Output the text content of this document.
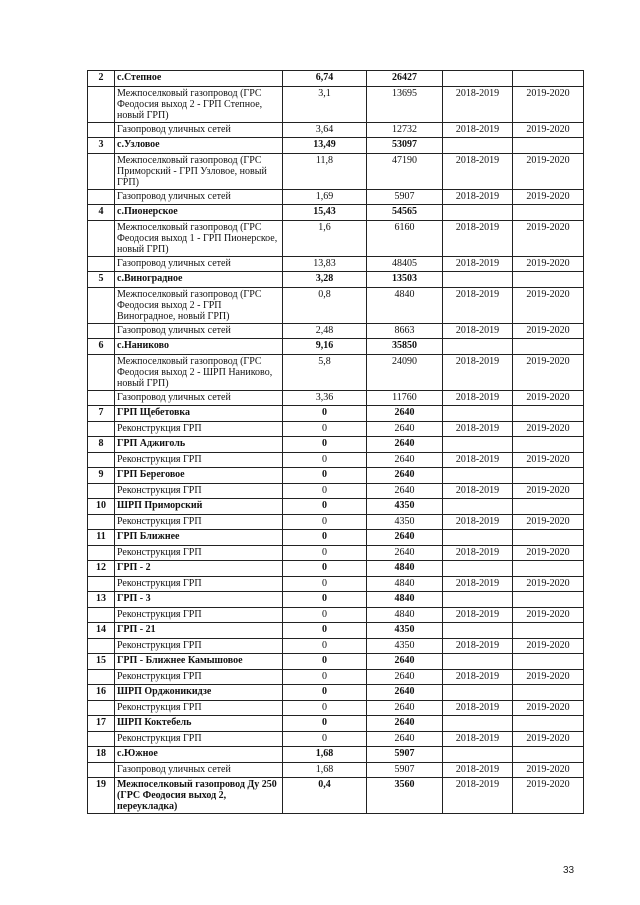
2	с.Степное	6,74	26427		
	Межпоселковый газопровод (ГРС Феодосия выход 2 - ГРП Степное, новый ГРП)	3,1	13695	2018-2019	2019-2020
	Газопровод уличных сетей	3,64	12732	2018-2019	2019-2020
3	с.Узловое	13,49	53097		
	Межпоселковый газопровод (ГРС Приморский - ГРП Узловое, новый ГРП)	11,8	47190	2018-2019	2019-2020
	Газопровод уличных сетей	1,69	5907	2018-2019	2019-2020
4	с.Пионерское	15,43	54565		
	Межпоселковый газопровод (ГРС Феодосия выход 1 - ГРП Пионерское, новый ГРП)	1,6	6160	2018-2019	2019-2020
	Газопровод уличных сетей	13,83	48405	2018-2019	2019-2020
5	с.Виноградное	3,28	13503		
	Межпоселковый газопровод (ГРС Феодосия выход 2 - ГРП Виноградное, новый ГРП)	0,8	4840	2018-2019	2019-2020
	Газопровод уличных сетей	2,48	8663	2018-2019	2019-2020
6	с.Наниково	9,16	35850		
	Межпоселковый газопровод (ГРС Феодосия выход 2 - ШРП Наниково, новый ГРП)	5,8	24090	2018-2019	2019-2020
	Газопровод уличных сетей	3,36	11760	2018-2019	2019-2020
7	ГРП Щебетовка	0	2640		
	Реконструкция ГРП	0	2640	2018-2019	2019-2020
8	ГРП Аджиголь	0	2640		
	Реконструкция ГРП	0	2640	2018-2019	2019-2020
9	ГРП Береговое	0	2640		
	Реконструкция ГРП	0	2640	2018-2019	2019-2020
10	ШРП Приморский	0	4350		
	Реконструкция ГРП	0	4350	2018-2019	2019-2020
11	ГРП Ближнее	0	2640		
	Реконструкция ГРП	0	2640	2018-2019	2019-2020
12	ГРП - 2	0	4840		
	Реконструкция ГРП	0	4840	2018-2019	2019-2020
13	ГРП - 3	0	4840		
	Реконструкция ГРП	0	4840	2018-2019	2019-2020
14	ГРП - 21	0	4350		
	Реконструкция ГРП	0	4350	2018-2019	2019-2020
15	ГРП - Ближнее Камышовое	0	2640		
	Реконструкция ГРП	0	2640	2018-2019	2019-2020
16	ШРП Орджоникидзе	0	2640		
	Реконструкция ГРП	0	2640	2018-2019	2019-2020
17	ШРП Коктебель	0	2640		
	Реконструкция ГРП	0	2640	2018-2019	2019-2020
18	с.Южное	1,68	5907		
	Газопровод уличных сетей	1,68	5907	2018-2019	2019-2020
19	Межпоселковый газопровод Ду 250 (ГРС Феодосия выход 2, переукладка)	0,4	3560	2018-2019	2019-2020
33
